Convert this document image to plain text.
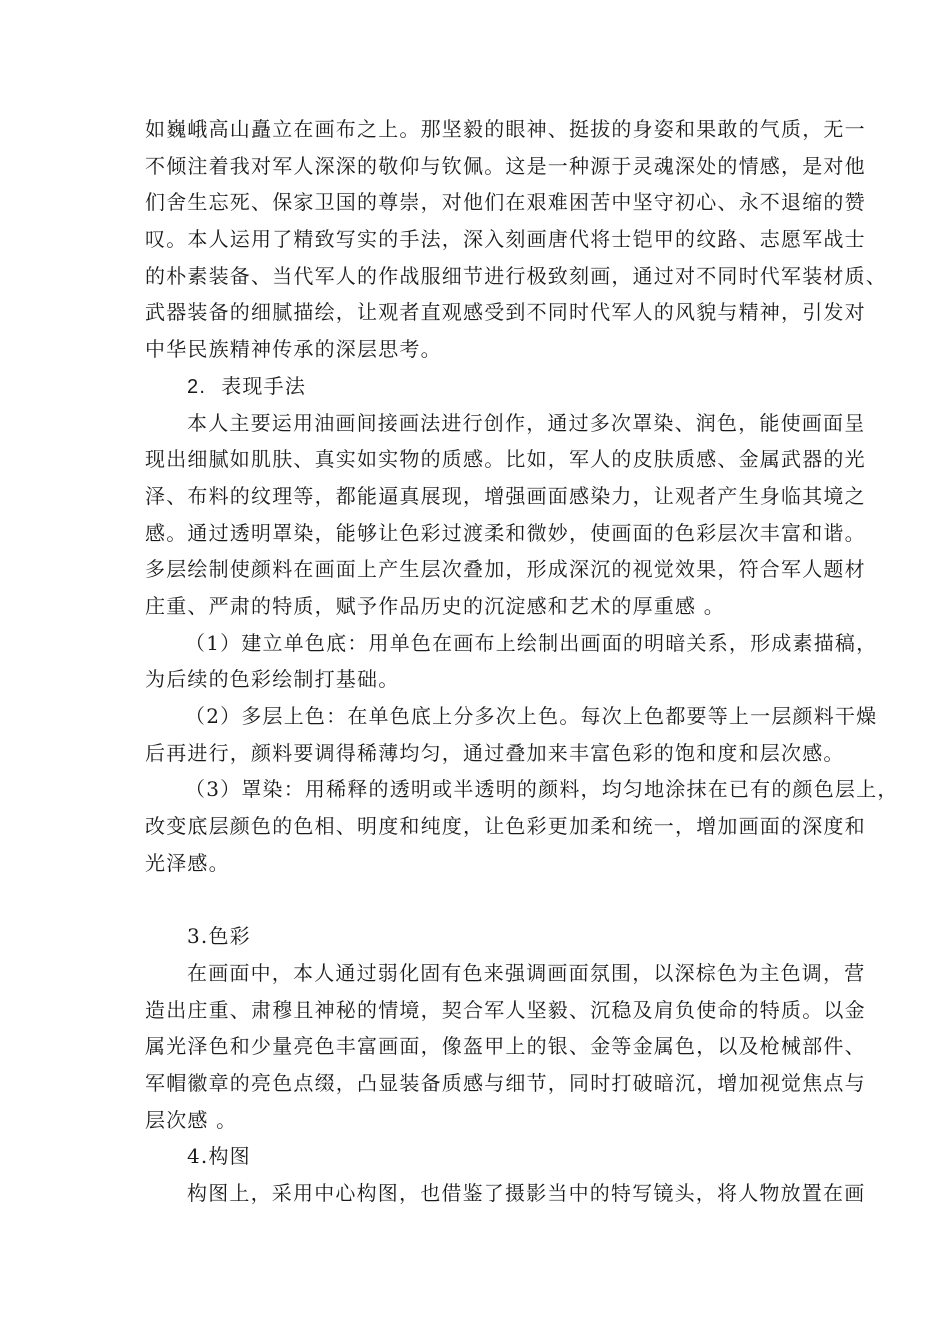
如巍峨高山矗立在画布之上。那坚毅的眼神、挺拔的身姿和果敢的气质，无一
不倾注着我对军人深深的敬仰与钦佩。这是一种源于灵魂深处的情感，是对他
们舍生忘死、保家卫国的尊崇，对他们在艰难困苦中坚守初心、永不退缩的赞
叹。本人运用了精致写实的手法，深入刻画唐代将士铠甲的纹路、志愿军战士
的朴素装备、当代军人的作战服细节进行极致刻画，通过对不同时代军装材质、
武器装备的细腻描绘，让观者直观感受到不同时代军人的风貌与精神，引发对
中华民族精神传承的深层思考。
2. 表现手法
本人主要运用油画间接画法进行创作，通过多次罩染、润色，能使画面呈
现出细腻如肌肤、真实如实物的质感。比如，军人的皮肤质感、金属武器的光
泽、布料的纹理等，都能逼真展现，增强画面感染力，让观者产生身临其境之
感。通过透明罩染，能够让色彩过渡柔和微妙，使画面的色彩层次丰富和谐。
多层绘制使颜料在画面上产生层次叠加，形成深沉的视觉效果，符合军人题材
庄重、严肃的特质，赋予作品历史的沉淀感和艺术的厚重感 。
（1）建立单色底：用单色在画布上绘制出画面的明暗关系，形成素描稿，
为后续的色彩绘制打基础。
（2）多层上色：在单色底上分多次上色。每次上色都要等上一层颜料干燥
后再进行，颜料要调得稀薄均匀，通过叠加来丰富色彩的饱和度和层次感。
（3）罩染：用稀释的透明或半透明的颜料，均匀地涂抹在已有的颜色层上，
改变底层颜色的色相、明度和纯度，让色彩更加柔和统一，增加画面的深度和
光泽感。
3.色彩
在画面中，本人通过弱化固有色来强调画面氛围，以深棕色为主色调，营
造出庄重、肃穆且神秘的情境，契合军人坚毅、沉稳及肩负使命的特质。以金
属光泽色和少量亮色丰富画面，像盔甲上的银、金等金属色，以及枪械部件、
军帽徽章的亮色点缀，凸显装备质感与细节，同时打破暗沉，增加视觉焦点与
层次感 。
4.构图
构图上，采用中心构图，也借鉴了摄影当中的特写镜头，将人物放置在画
